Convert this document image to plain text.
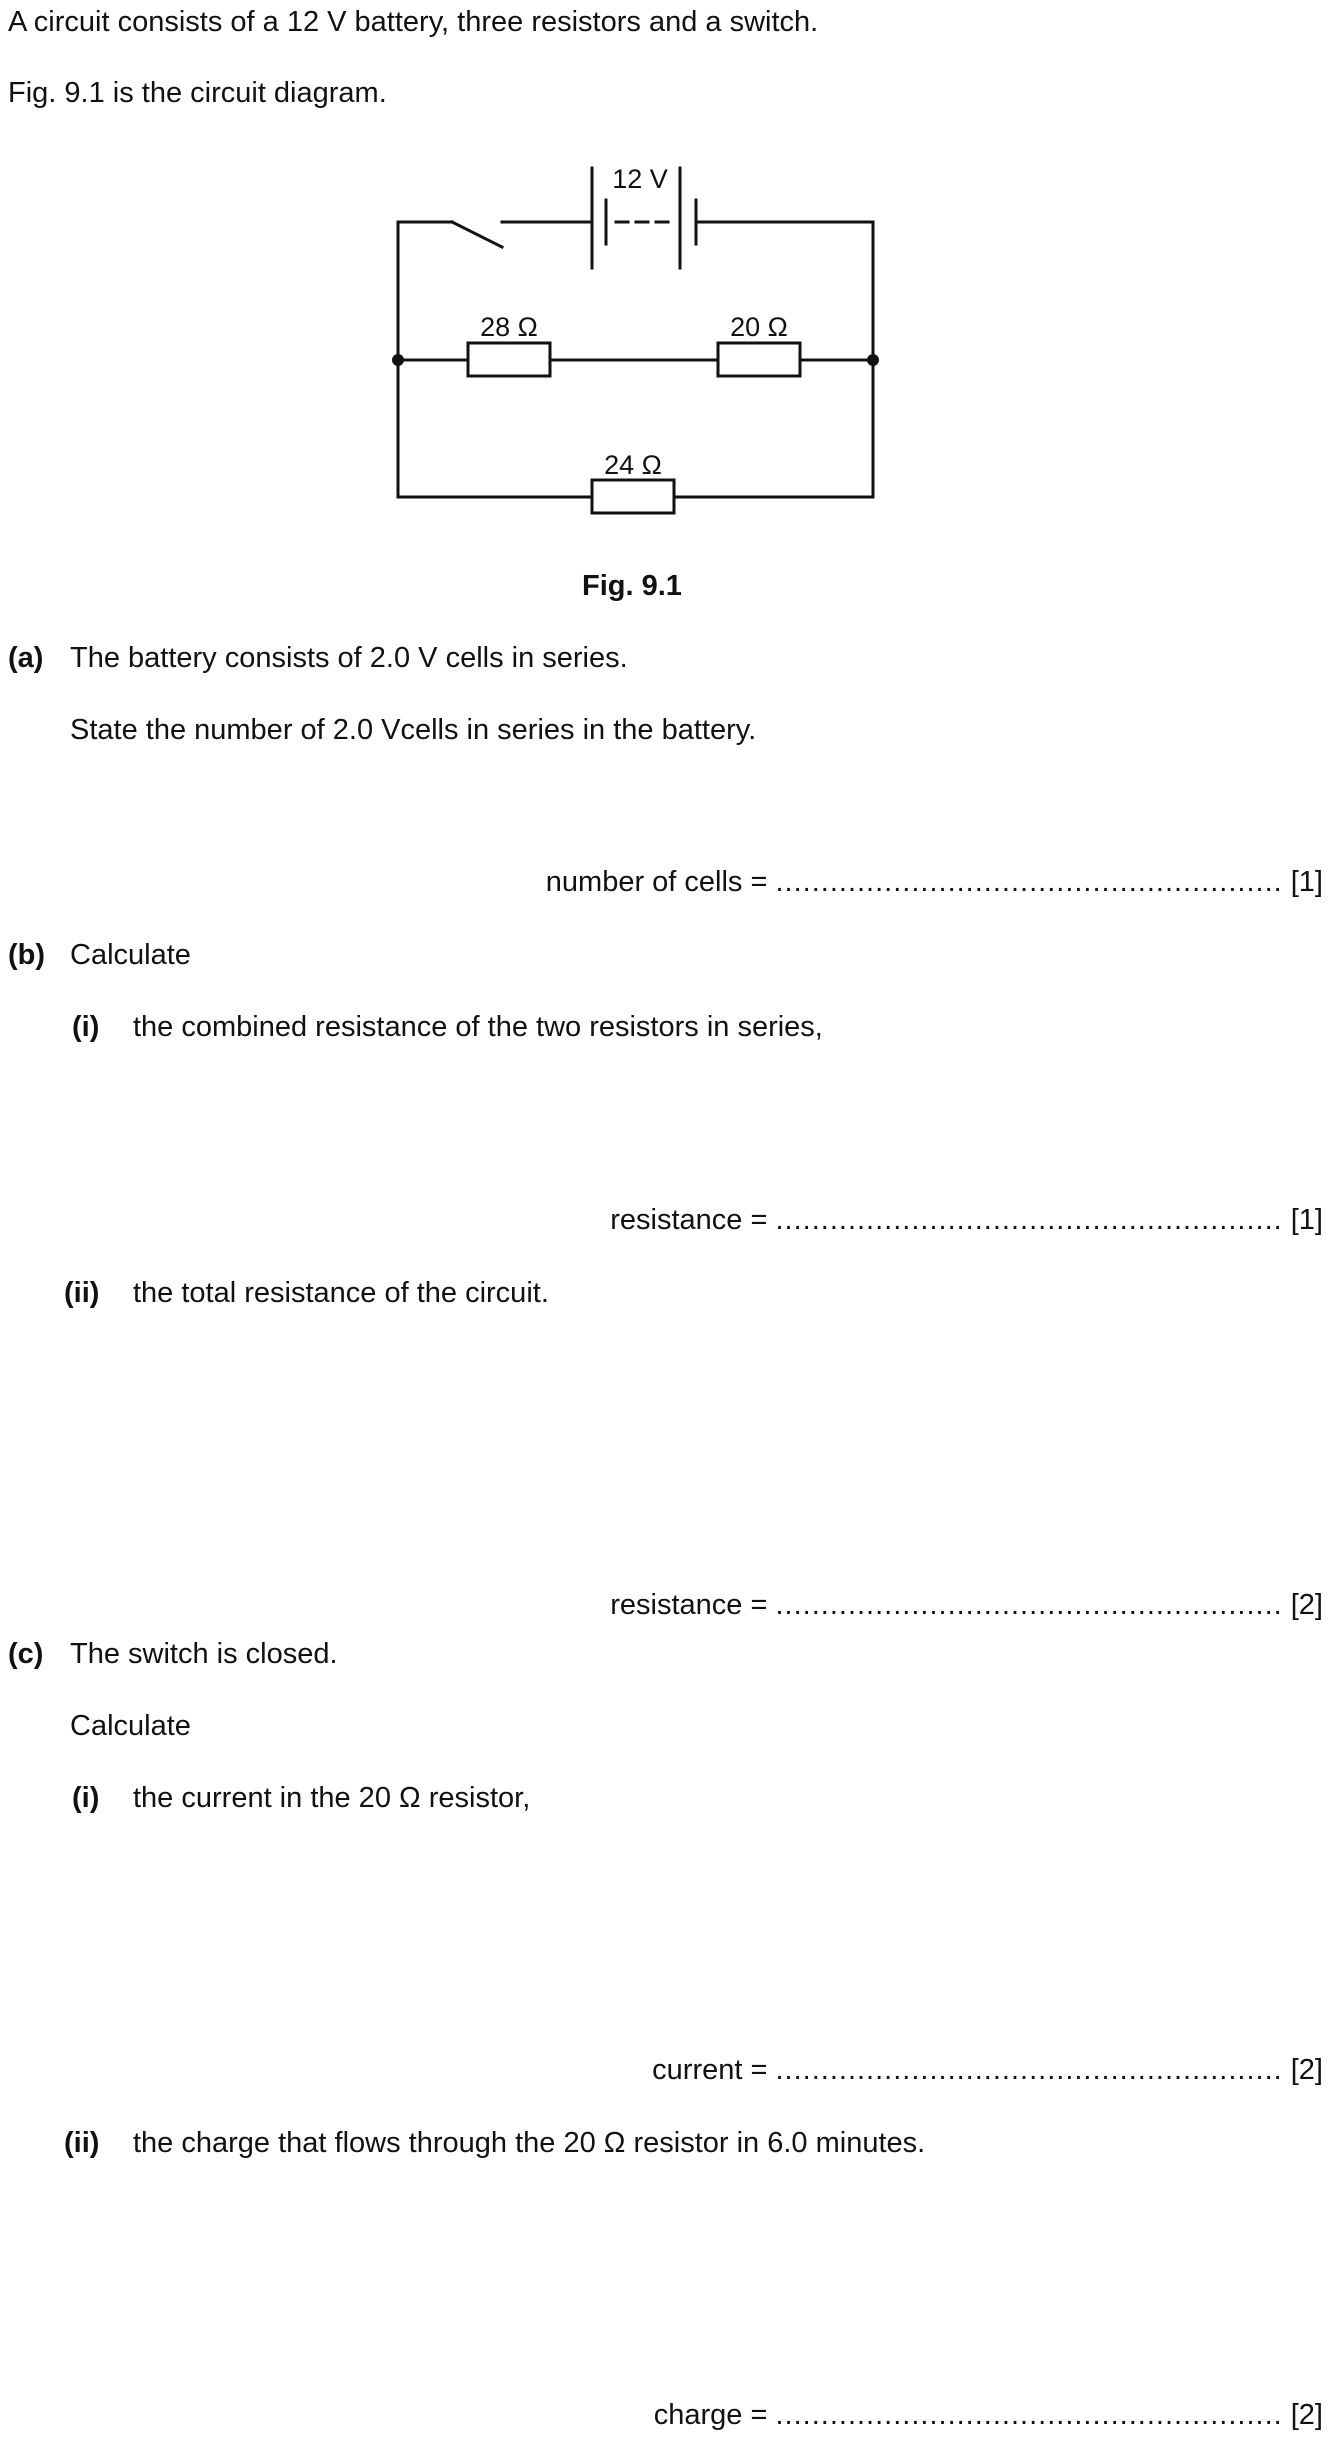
A circuit consists of a 12 V battery, three resistors and a switch.
Fig. 9.1 is the circuit diagram.
12 V
28 Ω	20 Ω
24 Ω
Fig. 9.1
(a) The battery consists of 2.0 V cells in series.
State the number of 2.0 Vcells in series in the battery.
number of cells = ........................................................ [1]
(b) Calculate
(i) the combined resistance of the two resistors in series,
resistance = ........................................................ [1]
(ii) the total resistance of the circuit.
resistance = ........................................................ [2]
(c) The switch is closed.
Calculate
(i) the current in the 20 Ω resistor,
current = ........................................................ [2]
(ii) the charge that flows through the 20 Ω resistor in 6.0 minutes.
charge = ........................................................ [2]
